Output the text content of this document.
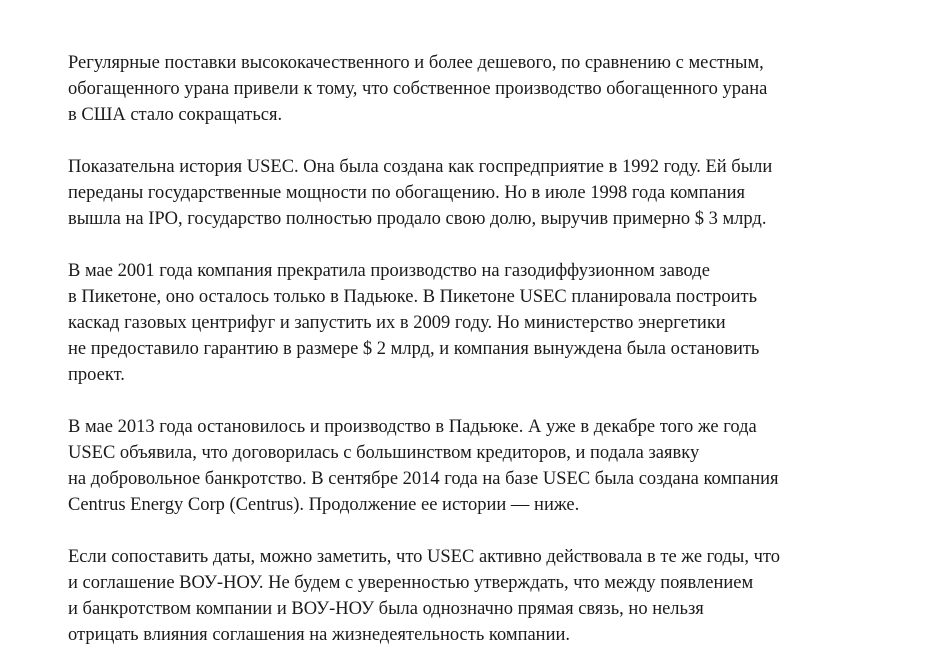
Регулярные поставки высококачественного и более дешевого, по сравнению с местным,
обогащенного урана привели к тому, что собственное производство обогащенного урана
в США стало сокращаться.

Показательна история USEC. Она была создана как госпредприятие в 1992 году. Ей были
переданы государственные мощности по обогащению. Но в июле 1998 года компания
вышла на IPO, государство полностью продало свою долю, выручив примерно $ 3 млрд.

В мае 2001 года компания прекратила производство на газодиффузионном заводе
в Пикетоне, оно осталось только в Падьюке. В Пикетоне USEC планировала построить
каскад газовых центрифуг и запустить их в 2009 году. Но министерство энергетики
не предоставило гарантию в размере $ 2 млрд, и компания вынуждена была остановить
проект.

В мае 2013 года остановилось и производство в Падьюке. А уже в декабре того же года
USEC объявила, что договорилась с большинством кредиторов, и подала заявку
на добровольное банкротство. В сентябре 2014 года на базе USEC была создана компания
Centrus Energy Corp (Centrus). Продолжение ее истории — ниже.

Если сопоставить даты, можно заметить, что USEC активно действовала в те же годы, что
и соглашение ВОУ-НОУ. Не будем с уверенностью утверждать, что между появлением
и банкротством компании и ВОУ-НОУ была однозначно прямая связь, но нельзя
отрицать влияния соглашения на жизнедеятельность компании.
